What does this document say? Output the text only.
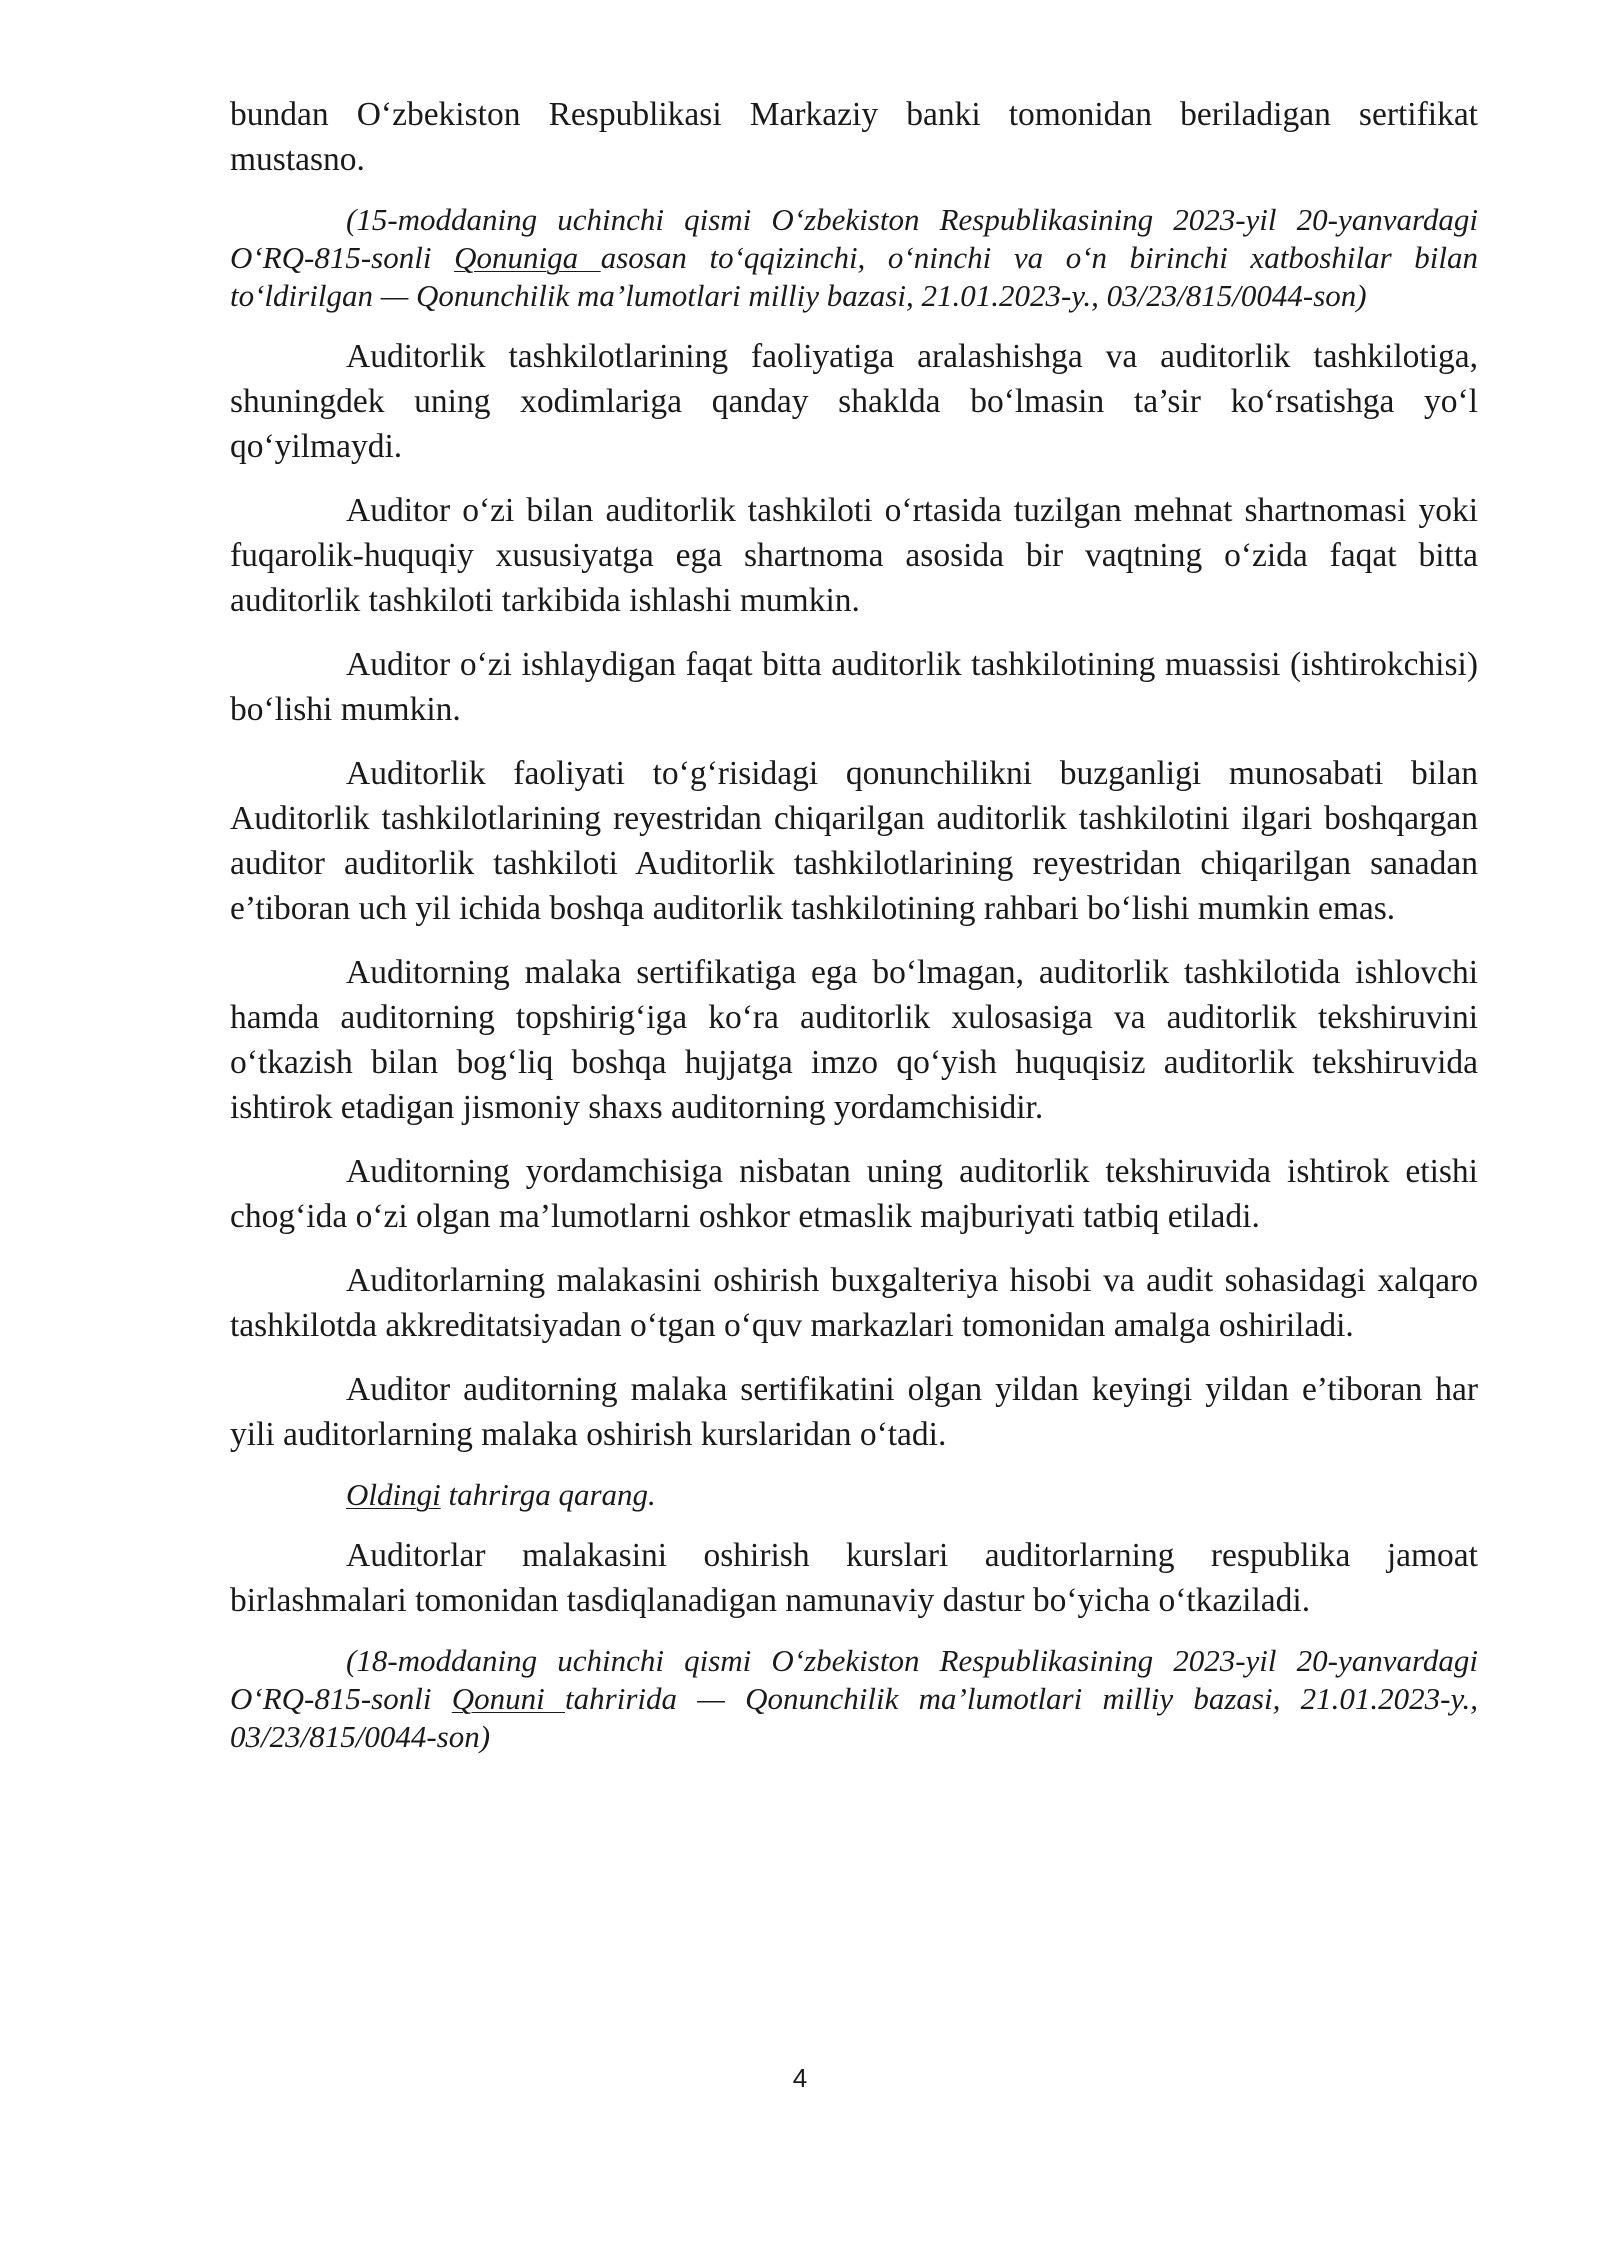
bundan O‘zbekiston Respublikasi Markaziy banki tomonidan beriladigan sertifikat mustasno.

(15-moddaning uchinchi qismi O‘zbekiston Respublikasining 2023-yil 20-yanvardagi O‘RQ-815-sonli Qonuniga asosan to‘qqizinchi, o‘ninchi va o‘n birinchi xatboshilar bilan to‘ldirilgan — Qonunchilik ma’lumotlari milliy bazasi, 21.01.2023-y., 03/23/815/0044-son)

Auditorlik tashkilotlarining faoliyatiga aralashishga va auditorlik tashkilotiga, shuningdek uning xodimlariga qanday shaklda bo‘lmasin ta’sir ko‘rsatishga yo‘l qo‘yilmaydi.

Auditor o‘zi bilan auditorlik tashkiloti o‘rtasida tuzilgan mehnat shartnomasi yoki fuqarolik-huquqiy xususiyatga ega shartnoma asosida bir vaqtning o‘zida faqat bitta auditorlik tashkiloti tarkibida ishlashi mumkin.

Auditor o‘zi ishlaydigan faqat bitta auditorlik tashkilotining muassisi (ishtirokchisi) bo‘lishi mumkin.

Auditorlik faoliyati to‘g‘risidagi qonunchilikni buzganligi munosabati bilan Auditorlik tashkilotlarining reyestridan chiqarilgan auditorlik tashkilotini ilgari boshqargan auditor auditorlik tashkiloti Auditorlik tashkilotlarining reyestridan chiqarilgan sanadan e’tiboran uch yil ichida boshqa auditorlik tashkilotining rahbari bo‘lishi mumkin emas.

Auditorning malaka sertifikatiga ega bo‘lmagan, auditorlik tashkilotida ishlovchi hamda auditorning topshirig‘iga ko‘ra auditorlik xulosasiga va auditorlik tekshiruvini o‘tkazish bilan bog‘liq boshqa hujjatga imzo qo‘yish huquqisiz auditorlik tekshiruvida ishtirok etadigan jismoniy shaxs auditorning yordamchisidir.

Auditorning yordamchisiga nisbatan uning auditorlik tekshiruvida ishtirok etishi chog‘ida o‘zi olgan ma’lumotlarni oshkor etmaslik majburiyati tatbiq etiladi.

Auditorlarning malakasini oshirish buxgalteriya hisobi va audit sohasidagi xalqaro tashkilotda akkreditatsiyadan o‘tgan o‘quv markazlari tomonidan amalga oshiriladi.

Auditor auditorning malaka sertifikatini olgan yildan keyingi yildan e’tiboran har yili auditorlarning malaka oshirish kurslaridan o‘tadi.

Oldingi tahrirga qarang.

Auditorlar malakasini oshirish kurslari auditorlarning respublika jamoat birlashmalari tomonidan tasdiqlanadigan namunaviy dastur bo‘yicha o‘tkaziladi.

(18-moddaning uchinchi qismi O‘zbekiston Respublikasining 2023-yil 20-yanvardagi O‘RQ-815-sonli Qonuni tahririda — Qonunchilik ma’lumotlari milliy bazasi, 21.01.2023-y., 03/23/815/0044-son)

4
